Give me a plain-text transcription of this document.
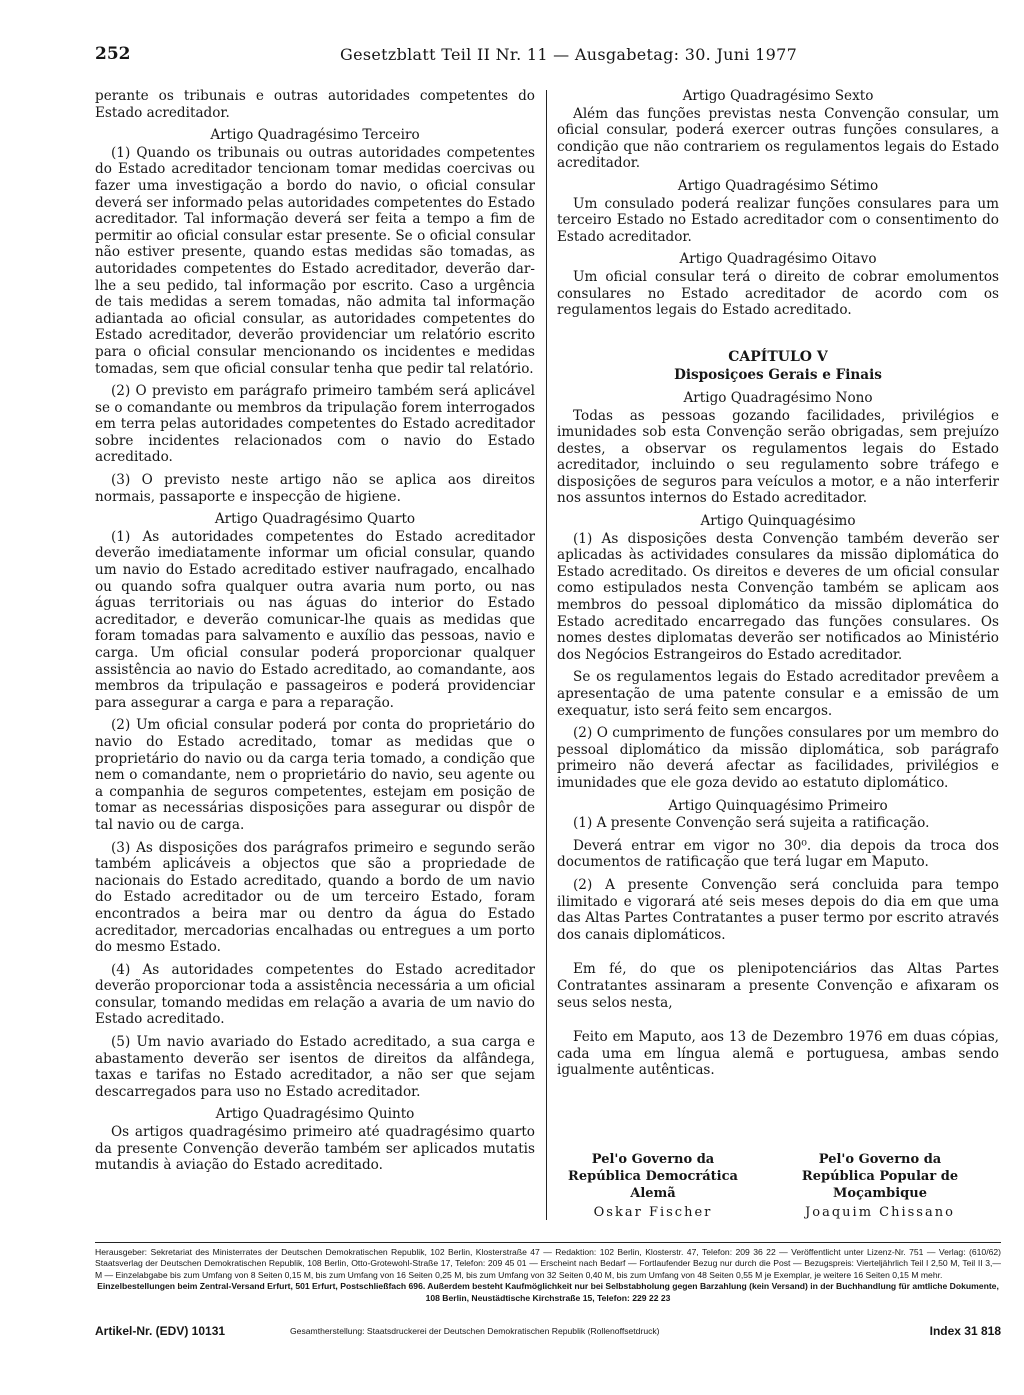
252	Gesetzblatt Teil II Nr. 11 — Ausgabetag: 30. Juni 1977

perante os tribunais e outras autoridades competentes do Estado acreditador.

Artigo Quadragésimo Terceiro

(1) Quando os tribunais ou outras autoridades competentes do Estado acreditador tencionam tomar medidas coercivas ou fazer uma investigação a bordo do navio, o oficial consular deverá ser informado pelas autoridades competentes do Estado acreditador. Tal informação deverá ser feita a tempo a fim de permitir ao oficial consular estar presente. Se o oficial consular não estiver presente, quando estas medidas são tomadas, as autoridades competentes do Estado acreditador, deverão dar-lhe a seu pedido, tal informação por escrito. Caso a urgência de tais medidas a serem tomadas, não admita tal informação adiantada ao oficial consular, as autoridades competentes do Estado acreditador, deverão providenciar um relatório escrito para o oficial consular mencionando os incidentes e medidas tomadas, sem que oficial consular tenha que pedir tal relatório.

(2) O previsto em parágrafo primeiro também será aplicável se o comandante ou membros da tripulação forem interrogados em terra pelas autoridades competentes do Estado acreditador sobre incidentes relacionados com o navio do Estado acreditado.

(3) O previsto neste artigo não se aplica aos direitos normais, passaporte e inspecção de higiene.

Artigo Quadragésimo Quarto

(1) As autoridades competentes do Estado acreditador deverão imediatamente informar um oficial consular, quando um navio do Estado acreditado estiver naufragado, encalhado ou quando sofra qualquer outra avaria num porto, ou nas águas territoriais ou nas águas do interior do Estado acreditador, e deverão comunicar-lhe quais as medidas que foram tomadas para salvamento e auxílio das pessoas, navio e carga. Um oficial consular poderá proporcionar qualquer assistência ao navio do Estado acreditado, ao comandante, aos membros da tripulação e passageiros e poderá providenciar para assegurar a carga e para a reparação.

(2) Um oficial consular poderá por conta do proprietário do navio do Estado acreditado, tomar as medidas que o proprietário do navio ou da carga teria tomado, a condição que nem o comandante, nem o proprietário do navio, seu agente ou a companhia de seguros competentes, estejam em posição de tomar as necessárias disposições para assegurar ou dispôr de tal navio ou de carga.

(3) As disposições dos parágrafos primeiro e segundo serão também aplicáveis a objectos que são a propriedade de nacionais do Estado acreditado, quando a bordo de um navio do Estado acreditador ou de um terceiro Estado, foram encontrados a beira mar ou dentro da água do Estado acreditador, mercadorias encalhadas ou entregues a um porto do mesmo Estado.

(4) As autoridades competentes do Estado acreditador deverão proporcionar toda a assistência necessária a um oficial consular, tomando medidas em relação a avaria de um navio do Estado acreditado.

(5) Um navio avariado do Estado acreditado, a sua carga e abastamento deverão ser isentos de direitos da alfândega, taxas e tarifas no Estado acreditador, a não ser que sejam descarregados para uso no Estado acreditador.

Artigo Quadragésimo Quinto

Os artigos quadragésimo primeiro até quadragésimo quarto da presente Convenção deverão também ser aplicados mutatis mutandis à aviação do Estado acreditado.

Artigo Quadragésimo Sexto

Além das funções previstas nesta Convenção consular, um oficial consular, poderá exercer outras funções consulares, a condição que não contrariem os regulamentos legais do Estado acreditador.

Artigo Quadragésimo Sétimo

Um consulado poderá realizar funções consulares para um terceiro Estado no Estado acreditador com o consentimento do Estado acreditador.

Artigo Quadragésimo Oitavo

Um oficial consular terá o direito de cobrar emolumentos consulares no Estado acreditador de acordo com os regulamentos legais do Estado acreditado.

CAPÍTULO V
Disposiçoes Gerais e Finais
Artigo Quadragésimo Nono

Todas as pessoas gozando facilidades, privilégios e imunidades sob esta Convenção serão obrigadas, sem prejuízo destes, a observar os regulamentos legais do Estado acreditador, incluindo o seu regulamento sobre tráfego e disposições de seguros para veículos a motor, e a não interferir nos assuntos internos do Estado acreditador.

Artigo Quinquagésimo

(1) As disposições desta Convenção também deverão ser aplicadas às actividades consulares da missão diplomática do Estado acreditado. Os direitos e deveres de um oficial consular como estipulados nesta Convenção também se aplicam aos membros do pessoal diplomático da missão diplomática do Estado acreditado encarregado das funções consulares. Os nomes destes diplomatas deverão ser notificados ao Ministério dos Negócios Estrangeiros do Estado acreditador.

Se os regulamentos legais do Estado acreditador prevêem a apresentação de uma patente consular e a emissão de um exequatur, isto será feito sem encargos.

(2) O cumprimento de funções consulares por um membro do pessoal diplomático da missão diplomática, sob parágrafo primeiro não deverá afectar as facilidades, privilégios e imunidades que ele goza devido ao estatuto diplomático.

Artigo Quinquagésimo Primeiro

(1) A presente Convenção será sujeita a ratificação.

Deverá entrar em vigor no 30⁰. dia depois da troca dos documentos de ratificação que terá lugar em Maputo.

(2) A presente Convenção será concluida para tempo ilimitado e vigorará até seis meses depois do dia em que uma das Altas Partes Contratantes a puser termo por escrito através dos canais diplomáticos.

Em fé, do que os plenipotenciários das Altas Partes Contratantes assinaram a presente Convenção e afixaram os seus selos nesta,

Feito em Maputo, aos 13 de Dezembro 1976 em duas cópias, cada uma em língua alemã e portuguesa, ambas sendo igualmente autênticas.

Pel'o Governo da
República Democrática
Alemã
Oskar Fischer
Pel'o Governo da
República Popular de
Moçambique
Joaquim Chissano

Herausgeber: Sekretariat des Ministerrates der Deutschen Demokratischen Republik, 102 Berlin, Klosterstraße 47 — Redaktion: 102 Berlin, Klosterstr. 47, Telefon: 209 36 22 — Veröffentlicht unter Lizenz-Nr. 751 — Verlag: (610/62) Staatsverlag der Deutschen Demokratischen Republik, 108 Berlin, Otto-Grotewohl-Straße 17, Telefon: 209 45 01 — Erscheint nach Bedarf — Fortlaufender Bezug nur durch die Post — Bezugspreis: Vierteljährlich Teil I 2,50 M, Teil II 3,— M — Einzelabgabe bis zum Umfang von 8 Seiten 0,15 M, bis zum Umfang von 16 Seiten 0,25 M, bis zum Umfang von 32 Seiten 0,40 M, bis zum Umfang von 48 Seiten 0,55 M je Exemplar, je weitere 16 Seiten 0,15 M mehr.

Einzelbestellungen beim Zentral-Versand Erfurt, 501 Erfurt, Postschließfach 696. Außerdem besteht Kaufmöglichkeit nur bei Selbstabholung gegen Barzahlung (kein Versand) in der Buchhandlung für amtliche Dokumente, 108 Berlin, Neustädtische Kirchstraße 15, Telefon: 229 22 23

Artikel-Nr. (EDV) 10131	Gesamtherstellung: Staatsdruckerei der Deutschen Demokratischen Republik (Rollenoffsetdruck)	Index 31 818
